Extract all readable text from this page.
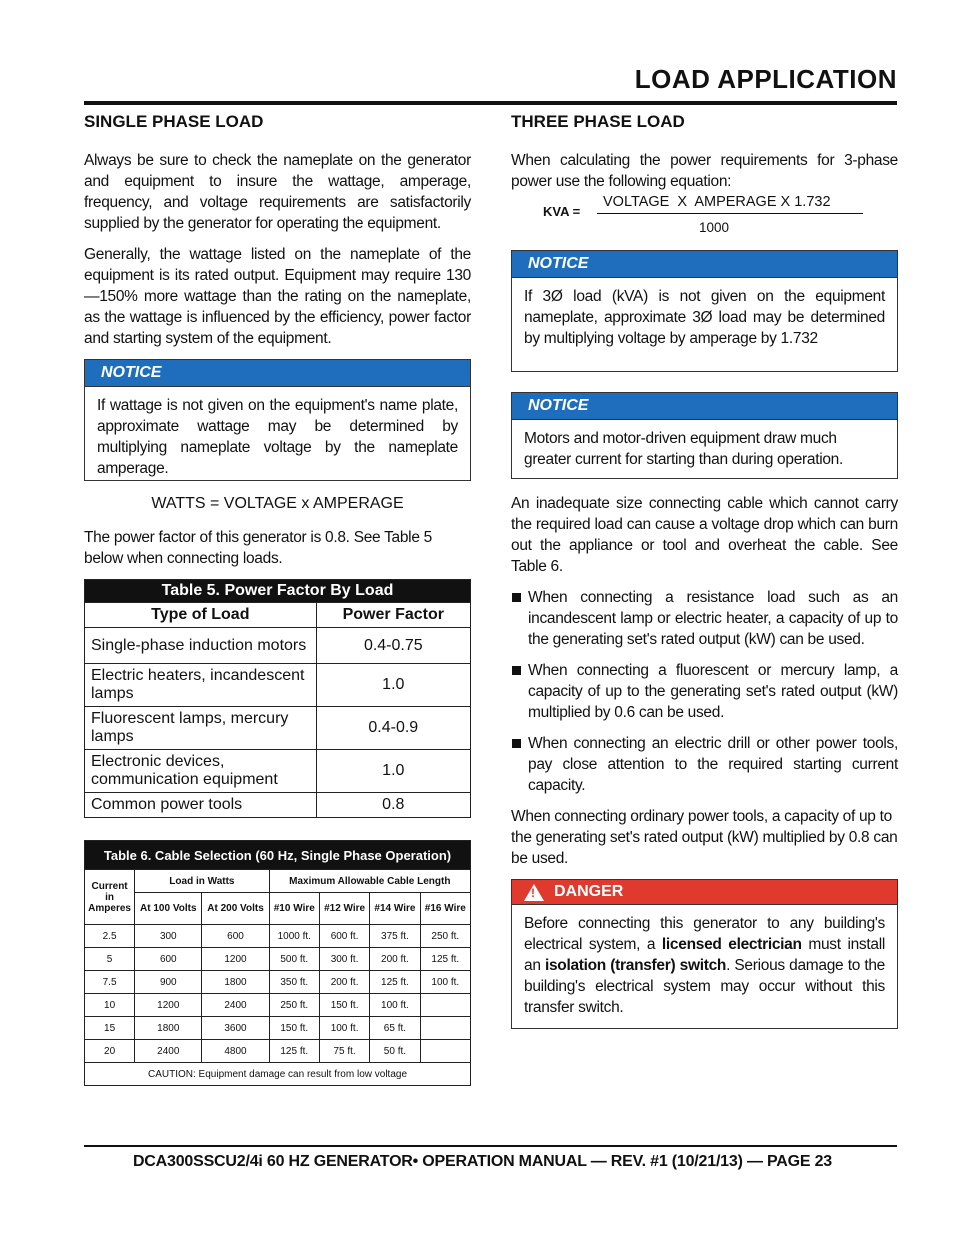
LOAD APPLICATION
SINGLE PHASE LOAD

Always be sure to check the nameplate on the generator and equipment to insure the wattage, amperage, frequency, and voltage requirements are satisfactorily supplied by the generator for operating the equipment.

Generally, the wattage listed on the nameplate of the equipment is its rated output. Equipment may require 130—150% more wattage than the rating on the nameplate, as the wattage is influenced by the efficiency, power factor and starting system of the equipment.

NOTICE
If wattage is not given on the equipment's name plate, approximate wattage may be determined by multiplying nameplate voltage by the nameplate amperage.
WATTS = VOLTAGE x AMPERAGE

The power factor of this generator is 0.8. See Table 5 below when connecting loads.

Table 5. Power Factor By Load	
Type of Load	Power Factor
Single-phase induction motors	0.4-0.75
Electric heaters, incandescent lamps	1.0
Fluorescent lamps, mercury lamps	0.4-0.9
Electronic devices, communication equipment	1.0
Common power tools	0.8
Table 6. Cable Selection (60 Hz, Single Phase Operation)						
Current in Amperes	Load in Watts		Maximum Allowable Cable Length			
	At 100 Volts	At 200 Volts	#10 Wire	#12 Wire	#14 Wire	#16 Wire
2.5	300	600	1000 ft.	600 ft.	375 ft.	250 ft.
5	600	1200	500 ft.	300 ft.	200 ft.	125 ft.
7.5	900	1800	350 ft.	200 ft.	125 ft.	100 ft.
10	1200	2400	250 ft.	150 ft.	100 ft.	
15	1800	3600	150 ft.	100 ft.	65 ft.	
20	2400	4800	125 ft.	75 ft.	50 ft.	
CAUTION: Equipment damage can result from low voltage						
THREE PHASE LOAD

When calculating the power requirements for 3-phase power use the following equation:

KVA =
VOLTAGE  X  AMPERAGE X 1.732
1000
NOTICE
If 3Ø load (kVA) is not given on the equipment nameplate, approximate 3Ø load may be determined by multiplying voltage by amperage by 1.732
NOTICE
Motors and motor-driven equipment draw much greater current for starting than during operation.

An inadequate size connecting cable which cannot carry the required load can cause a voltage drop which can burn out the appliance or tool and overheat the cable. See Table 6.

When connecting a resistance load such as an incandescent lamp or electric heater, a capacity of up to the generating set's rated output (kW) can be used.
When connecting a fluorescent or mercury lamp, a capacity of up to the generating set's rated output (kW) multiplied by 0.6 can be used.
When connecting an electric drill or other power tools, pay close attention to the required starting current capacity.

When connecting ordinary power tools, a capacity of up to the generating set's rated output (kW) multiplied by 0.8 can be used.

!
DANGER
Before connecting this generator to any building's electrical system, a licensed electrician must install an isolation (transfer) switch. Serious damage to the building's electrical system may occur without this transfer switch.
DCA300SSCU2/4i 60 HZ GENERATOR• OPERATION MANUAL — REV. #1 (10/21/13) — PAGE 23
